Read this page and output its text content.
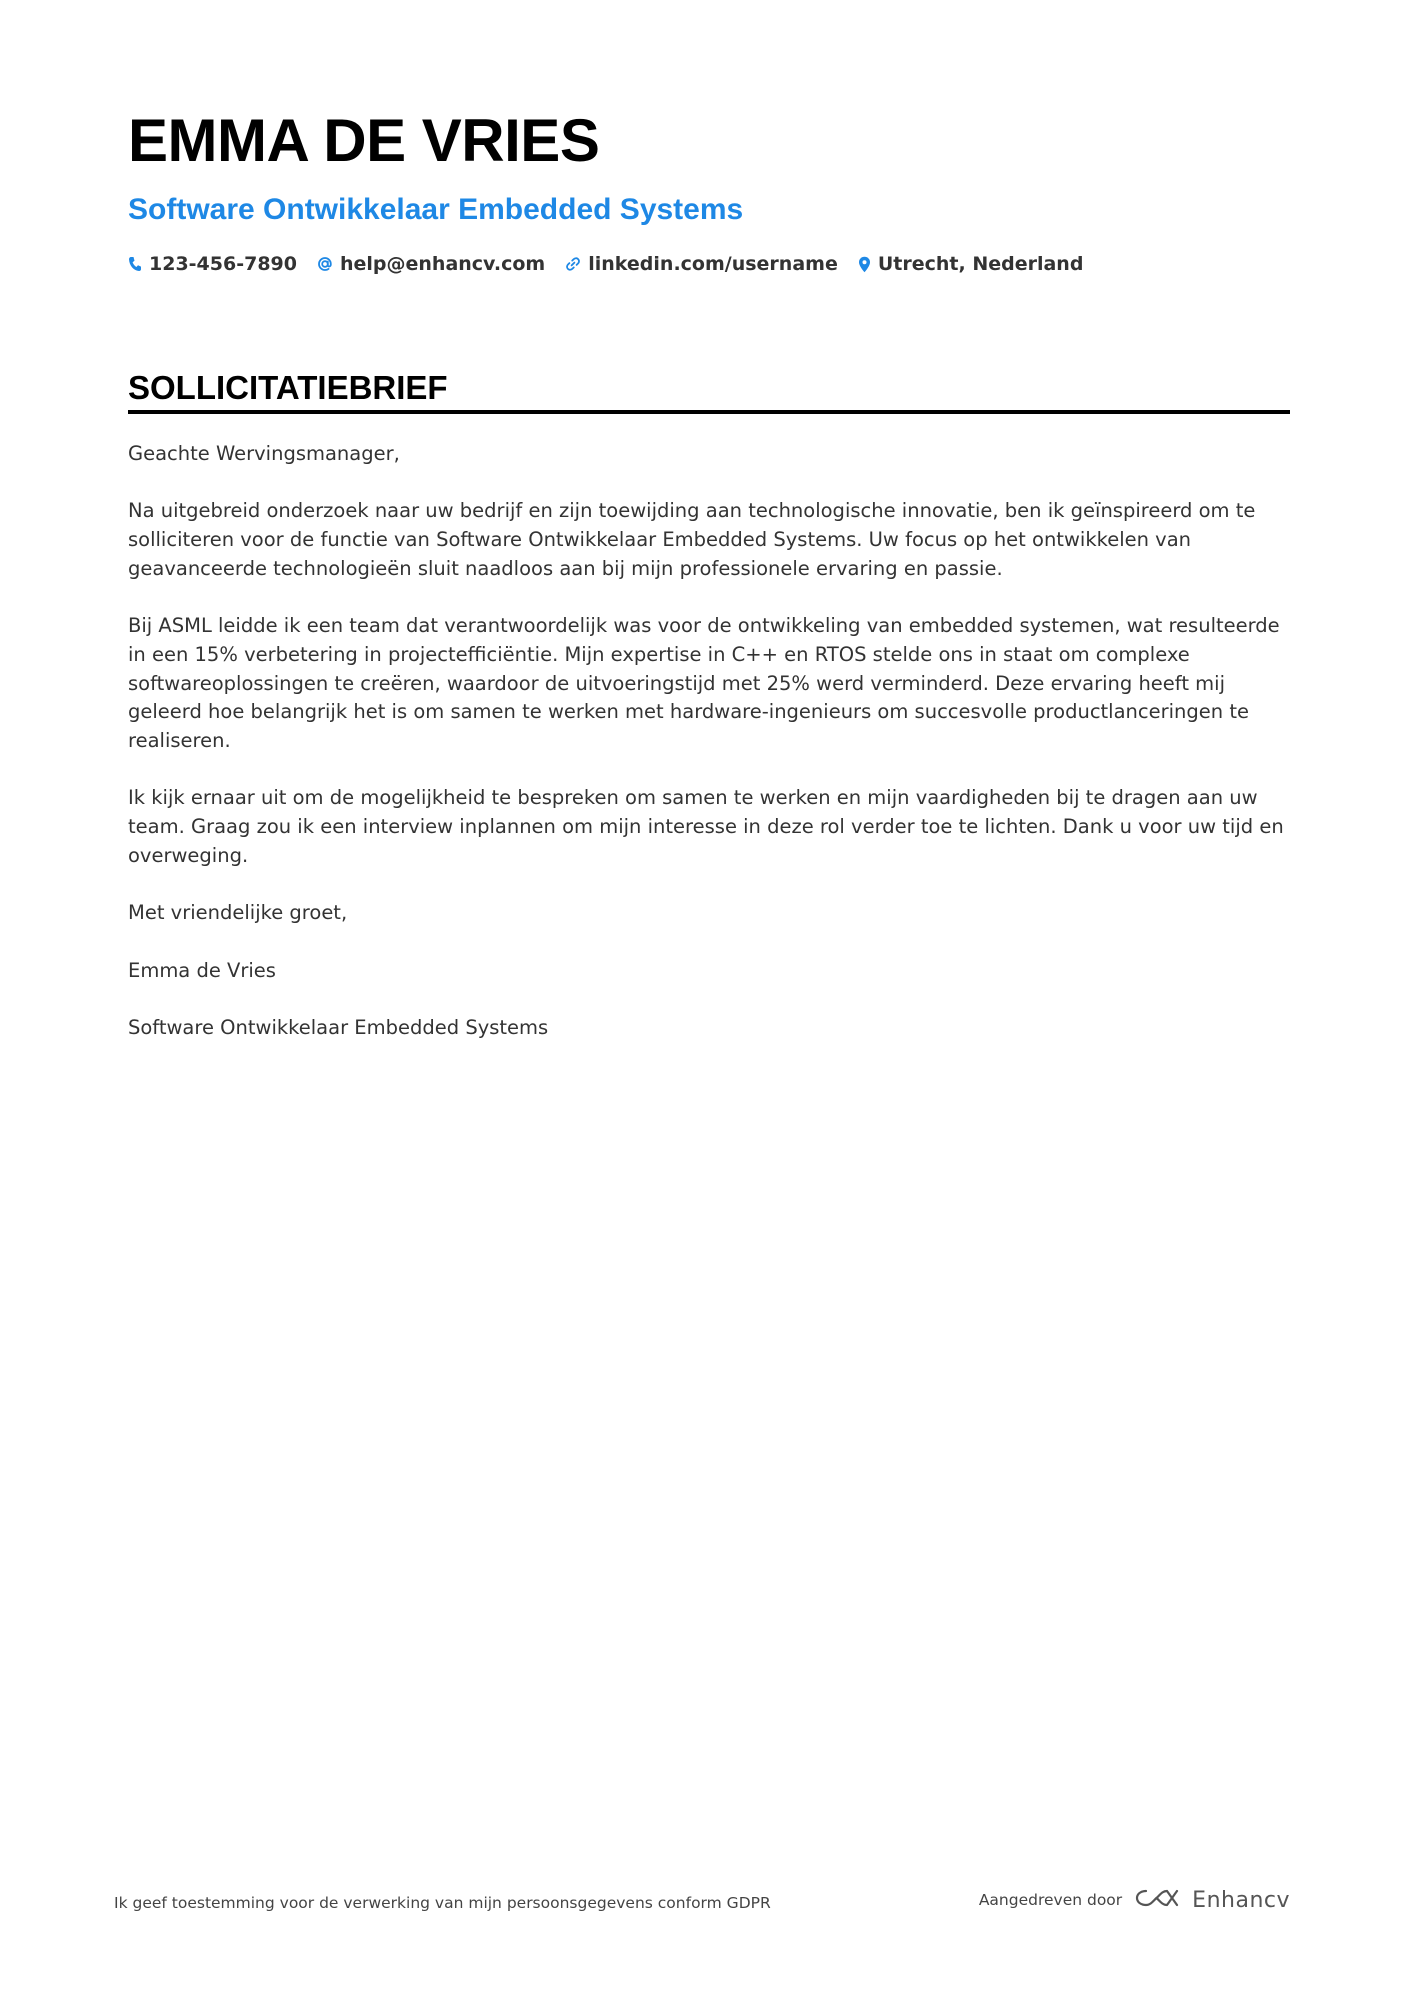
EMMA DE VRIES
Software Ontwikkelaar Embedded Systems
123-456-7890 help@enhancv.com linkedin.com/username Utrecht, Nederland
SOLLICITATIEBRIEF

Geachte Wervingsmanager,

Na uitgebreid onderzoek naar uw bedrijf en zijn toewijding aan technologische innovatie, ben ik geïnspireerd om te solliciteren voor de functie van Software Ontwikkelaar Embedded Systems. Uw focus op het ontwikkelen van geavanceerde technologieën sluit naadloos aan bij mijn professionele ervaring en passie.

Bij ASML leidde ik een team dat verantwoordelijk was voor de ontwikkeling van embedded systemen, wat resulteerde in een 15% verbetering in projectefficiëntie. Mijn expertise in C++ en RTOS stelde ons in staat om complexe softwareoplossingen te creëren, waardoor de uitvoeringstijd met 25% werd verminderd. Deze ervaring heeft mij geleerd hoe belangrijk het is om samen te werken met hardware-ingenieurs om succesvolle productlanceringen te realiseren.

Ik kijk ernaar uit om de mogelijkheid te bespreken om samen te werken en mijn vaardigheden bij te dragen aan uw team. Graag zou ik een interview inplannen om mijn interesse in deze rol verder toe te lichten. Dank u voor uw tijd en overweging.

Met vriendelijke groet,

Emma de Vries

Software Ontwikkelaar Embedded Systems

Ik geef toestemming voor de verwerking van mijn persoonsgegevens conform GDPR	Aangedreven door	Enhancv
